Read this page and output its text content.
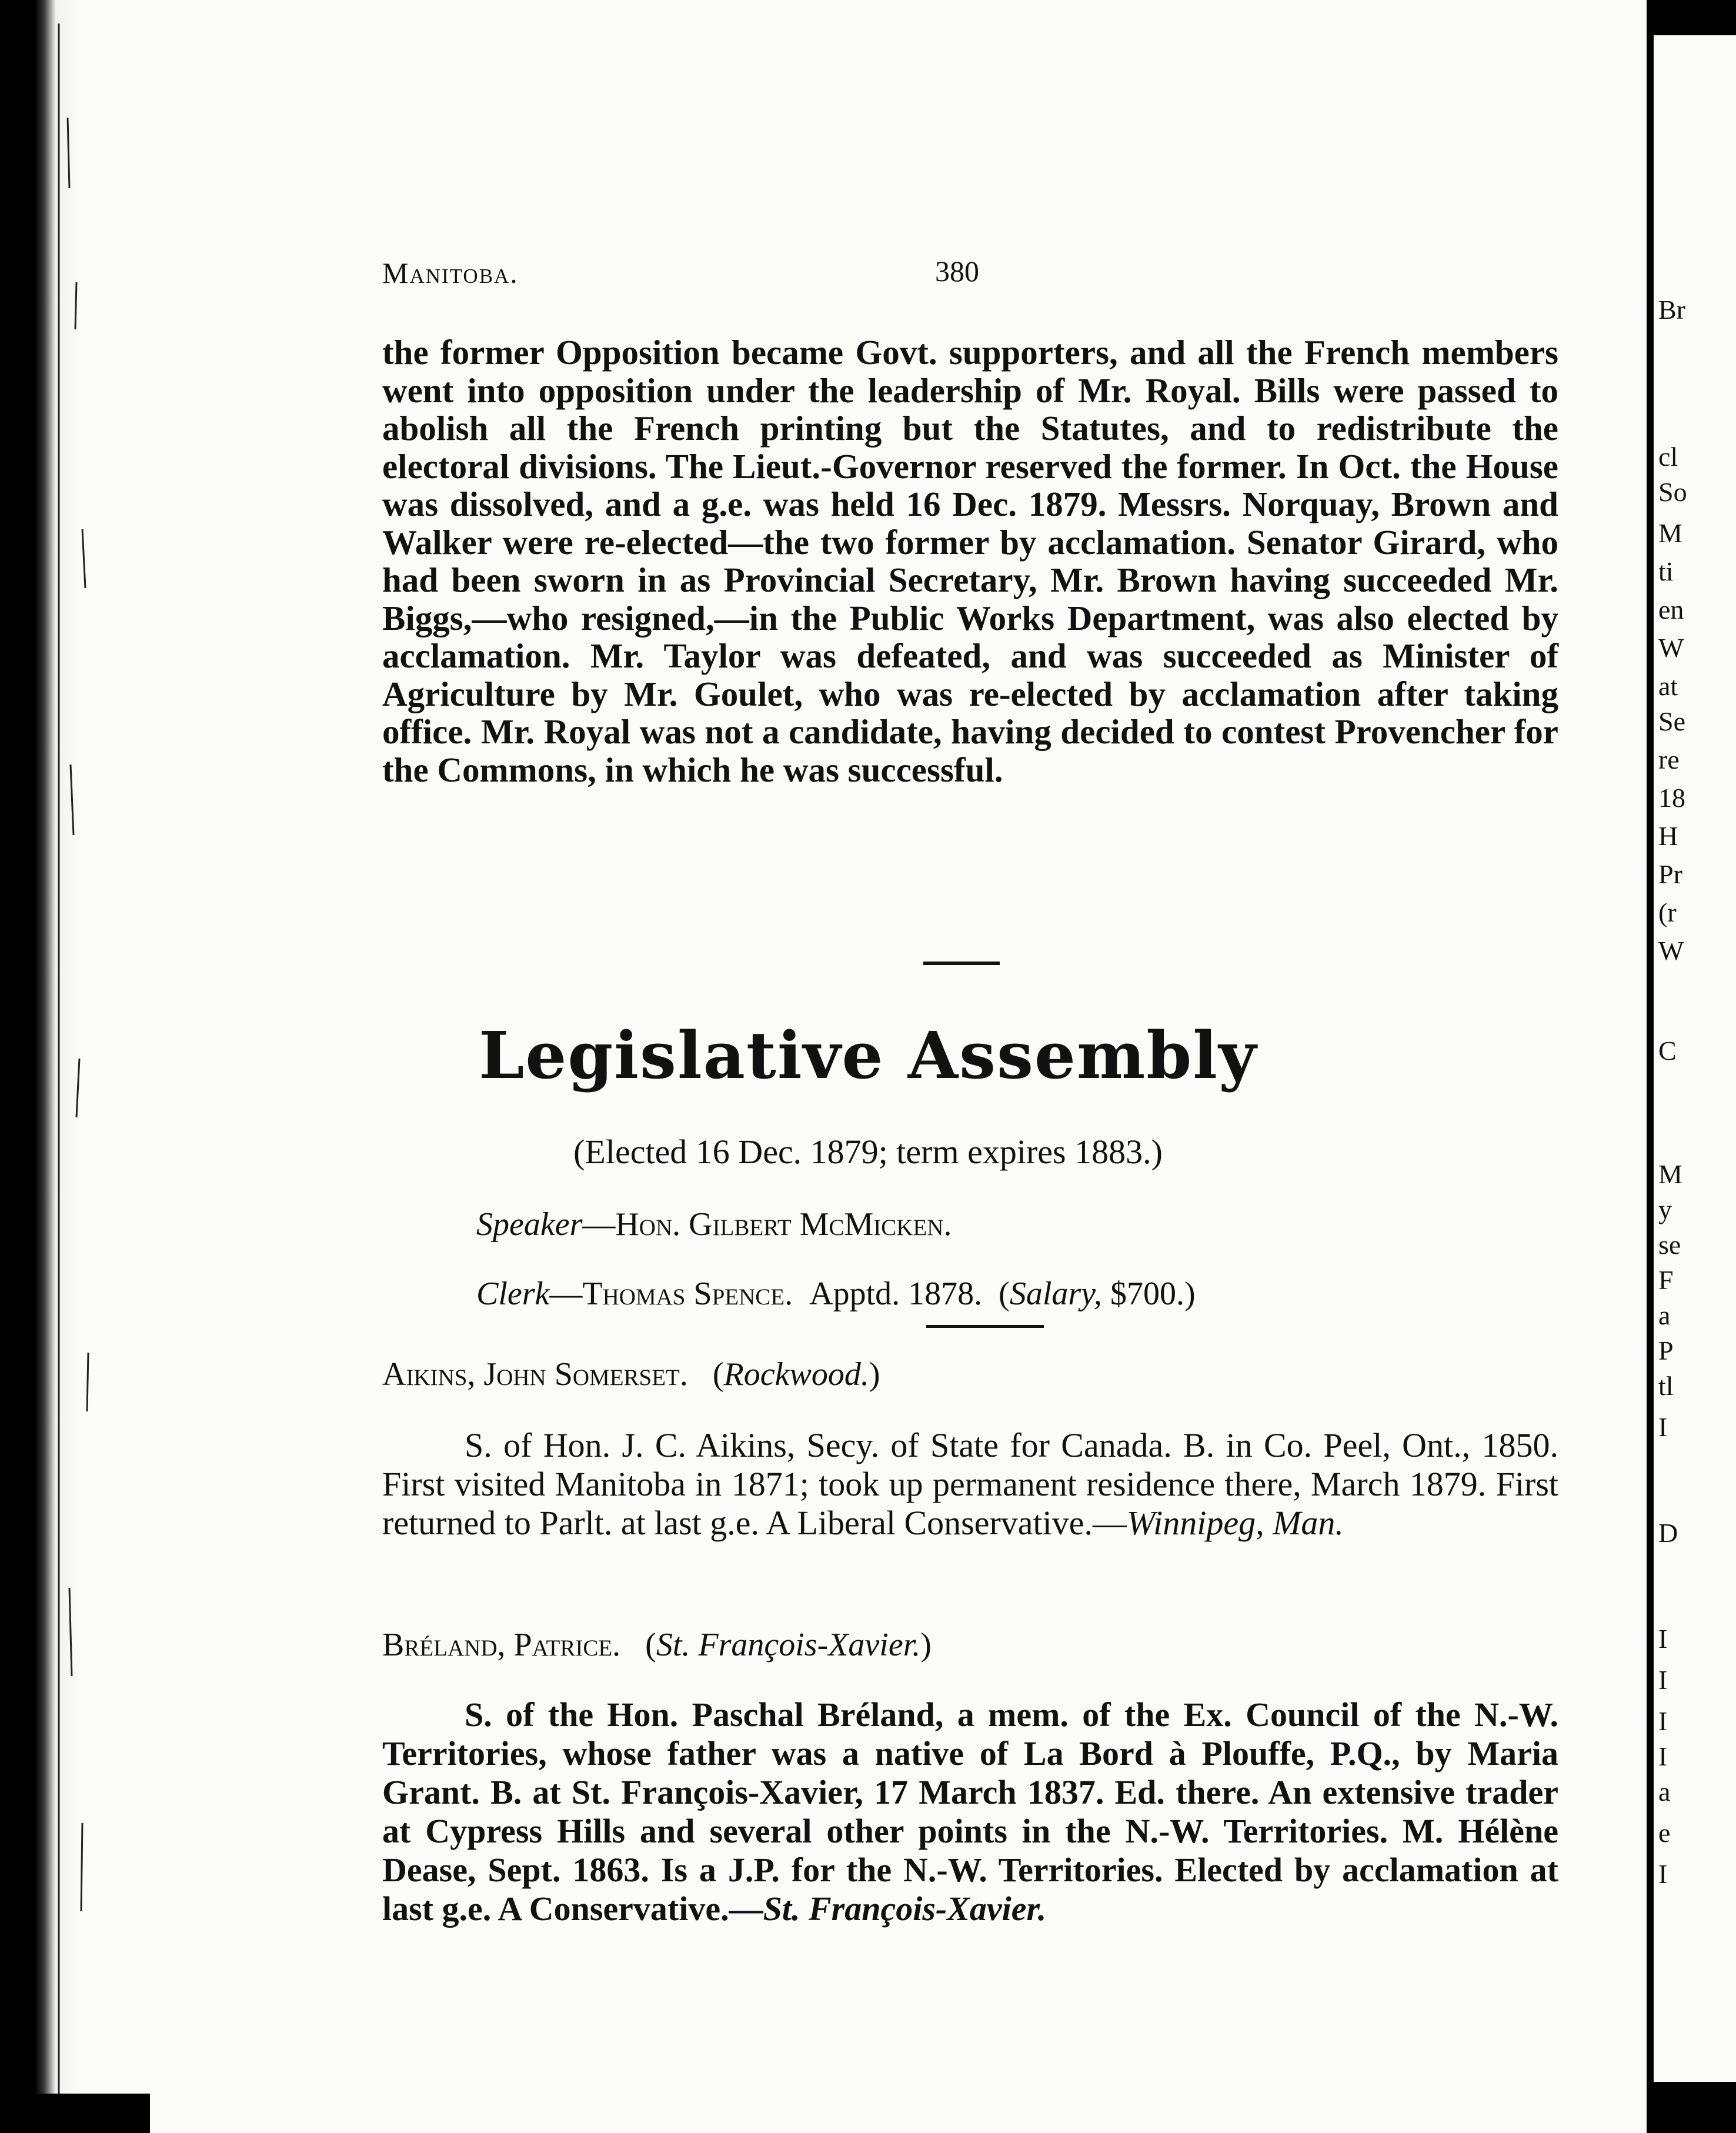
Manitoba.	380

the former Opposition became Govt. supporters, and all the French members went into opposition under the leadership of Mr. Royal. Bills were passed to abolish all the French printing but the Statutes, and to redistribute the electoral divisions. The Lieut.-Governor reserved the former. In Oct. the House was dissolved, and a g.e. was held 16 Dec. 1879. Messrs. Norquay, Brown and Walker were re-elected—the two former by acclamation. Senator Girard, who had been sworn in as Provincial Secretary, Mr. Brown having succeeded Mr. Biggs,—who resigned,—in the Public Works Department, was also elected by acclamation. Mr. Taylor was defeated, and was succeeded as Minister of Agriculture by Mr. Goulet, who was re-elected by acclamation after taking office. Mr. Royal was not a candidate, having decided to contest Provencher for the Commons, in which he was successful.

Legislative Assembly
(Elected 16 Dec. 1879; term expires 1883.)
Speaker—Hon. Gilbert McMicken.
Clerk—Thomas Spence. Apptd. 1878.  (Salary, $700.)
Aikins, John Somerset.   (Rockwood.)
S. of Hon. J. C. Aikins, Secy. of State for Canada. B. in Co. Peel, Ont., 1850. First visited Manitoba in 1871; took up permanent residence there, March 1879. First returned to Parlt. at last g.e. A Liberal Conservative.—Winnipeg, Man.
Bréland, Patrice.   (St. François-Xavier.)
S. of the Hon. Paschal Bréland, a mem. of the Ex. Council of the N.-W. Territories, whose father was a native of La Bord à Plouffe, P.Q., by Maria Grant. B. at St. François-Xavier, 17 March 1837. Ed. there. An extensive trader at Cypress Hills and several other points in the N.-W. Territories. M. Hélène Dease, Sept. 1863. Is a J.P. for the N.-W. Territories. Elected by acclamation at last g.e. A Conservative.—St. François-Xavier.
Br
cl
So
M
ti
en
W
at
Se
re
18
H
Pr
(r
W
C
M
y
se
F
a
P
tl
I
D
I
I
I
I
a
e
I
